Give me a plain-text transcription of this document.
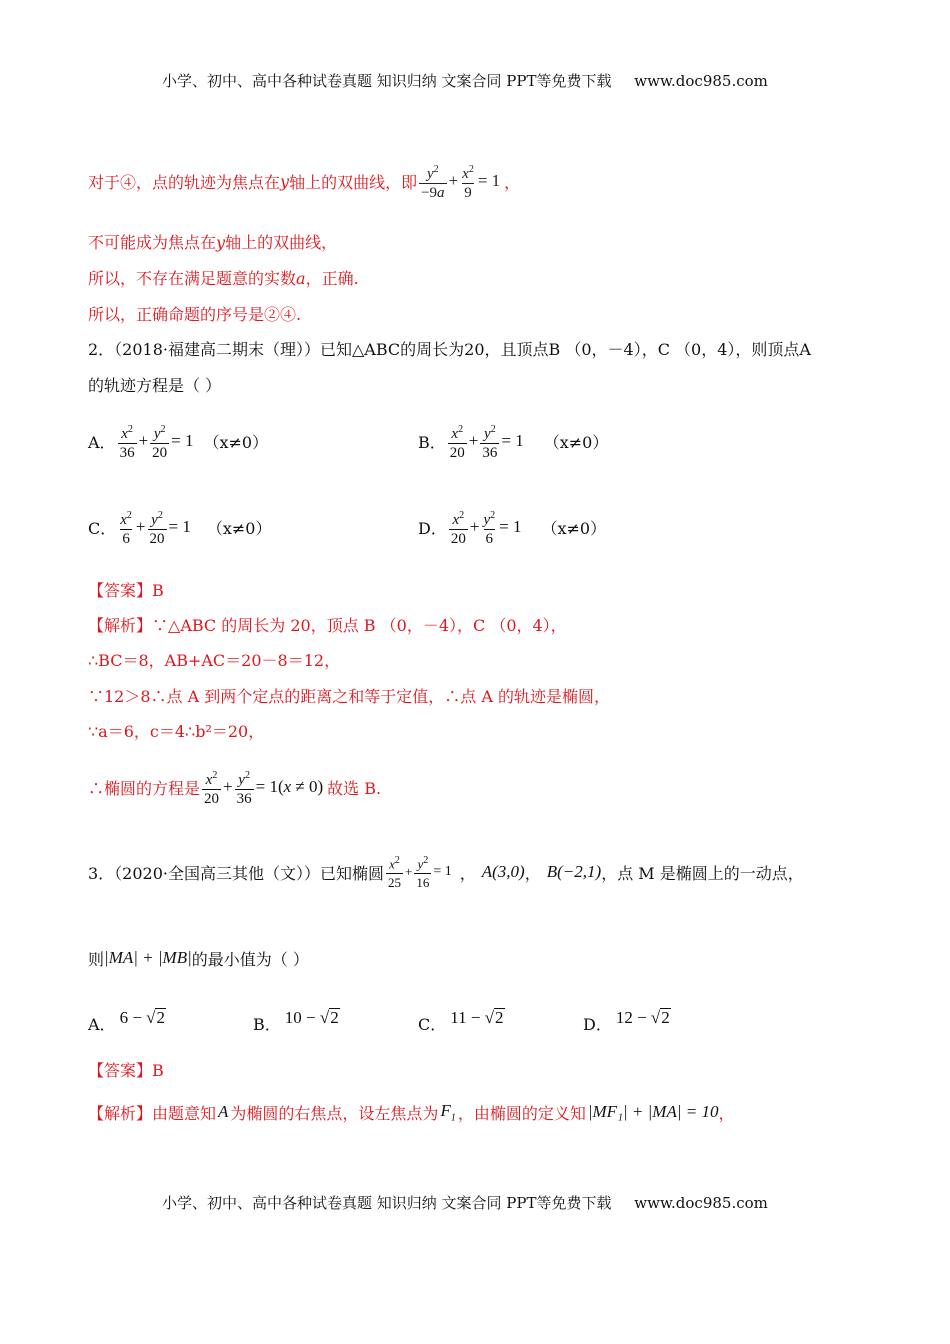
小学、初中、高中各种试卷真题 知识归纳 文案合同 PPT等免费下载 www.doc985.com
对于④，点的轨迹为焦点在 y 轴上的双曲线，即 $\frac{y^2}{-9a} + \frac{x^2}{9} = 1$ ，
不可能成为焦点在y轴上的双曲线，
所以，不存在满足题意的实数a，正确.
所以，正确命题的序号是②④.
2．（2018·福建高二期末（理））已知△ABC的周长为20，且顶点B （0，－4），C （0，4），则顶点A
的轨迹方程是（ ）
A． $\frac{x^2}{36} + \frac{y^2}{20} = 1$ （x≠0）	B． $\frac{x^2}{20} + \frac{y^2}{36} = 1$ （x≠0）
C． $\frac{x^2}{6} + \frac{y^2}{20} = 1$ （x≠0）	D． $\frac{x^2}{20} + \frac{y^2}{6} = 1$ （x≠0）
【答案】B
【解析】∵△ABC 的周长为 20，顶点 B （0，－4），C （0，4），
∴BC＝8，AB+AC＝20－8＝12，
∵12＞8∴点 A 到两个定点的距离之和等于定值，∴点 A 的轨迹是椭圆，
∵a＝6，c＝4∴b²＝20，
∴椭圆的方程是 $\frac{x^2}{20} + \frac{y^2}{36} = 1(x \ne 0)$ 故选 B.
3．（2020·全国高三其他（文））已知椭圆 $\frac{x^2}{25} + \frac{y^2}{16} = 1$ ， A(3,0) ， B(−2,1) ，点 M 是椭圆上的一动点，
则 |MA| + |MB| 的最小值为（ ）
A． 6 − √2	B． 10 − √2	C． 11 − √2	D． 12 − √2
【答案】B
【解析】 由题意知 A 为椭圆的右焦点，设左焦点为 $F_1$ ，由椭圆的定义知 |MF₁| + |MA| = 10 ，
小学、初中、高中各种试卷真题 知识归纳 文案合同 PPT等免费下载 www.doc985.com
